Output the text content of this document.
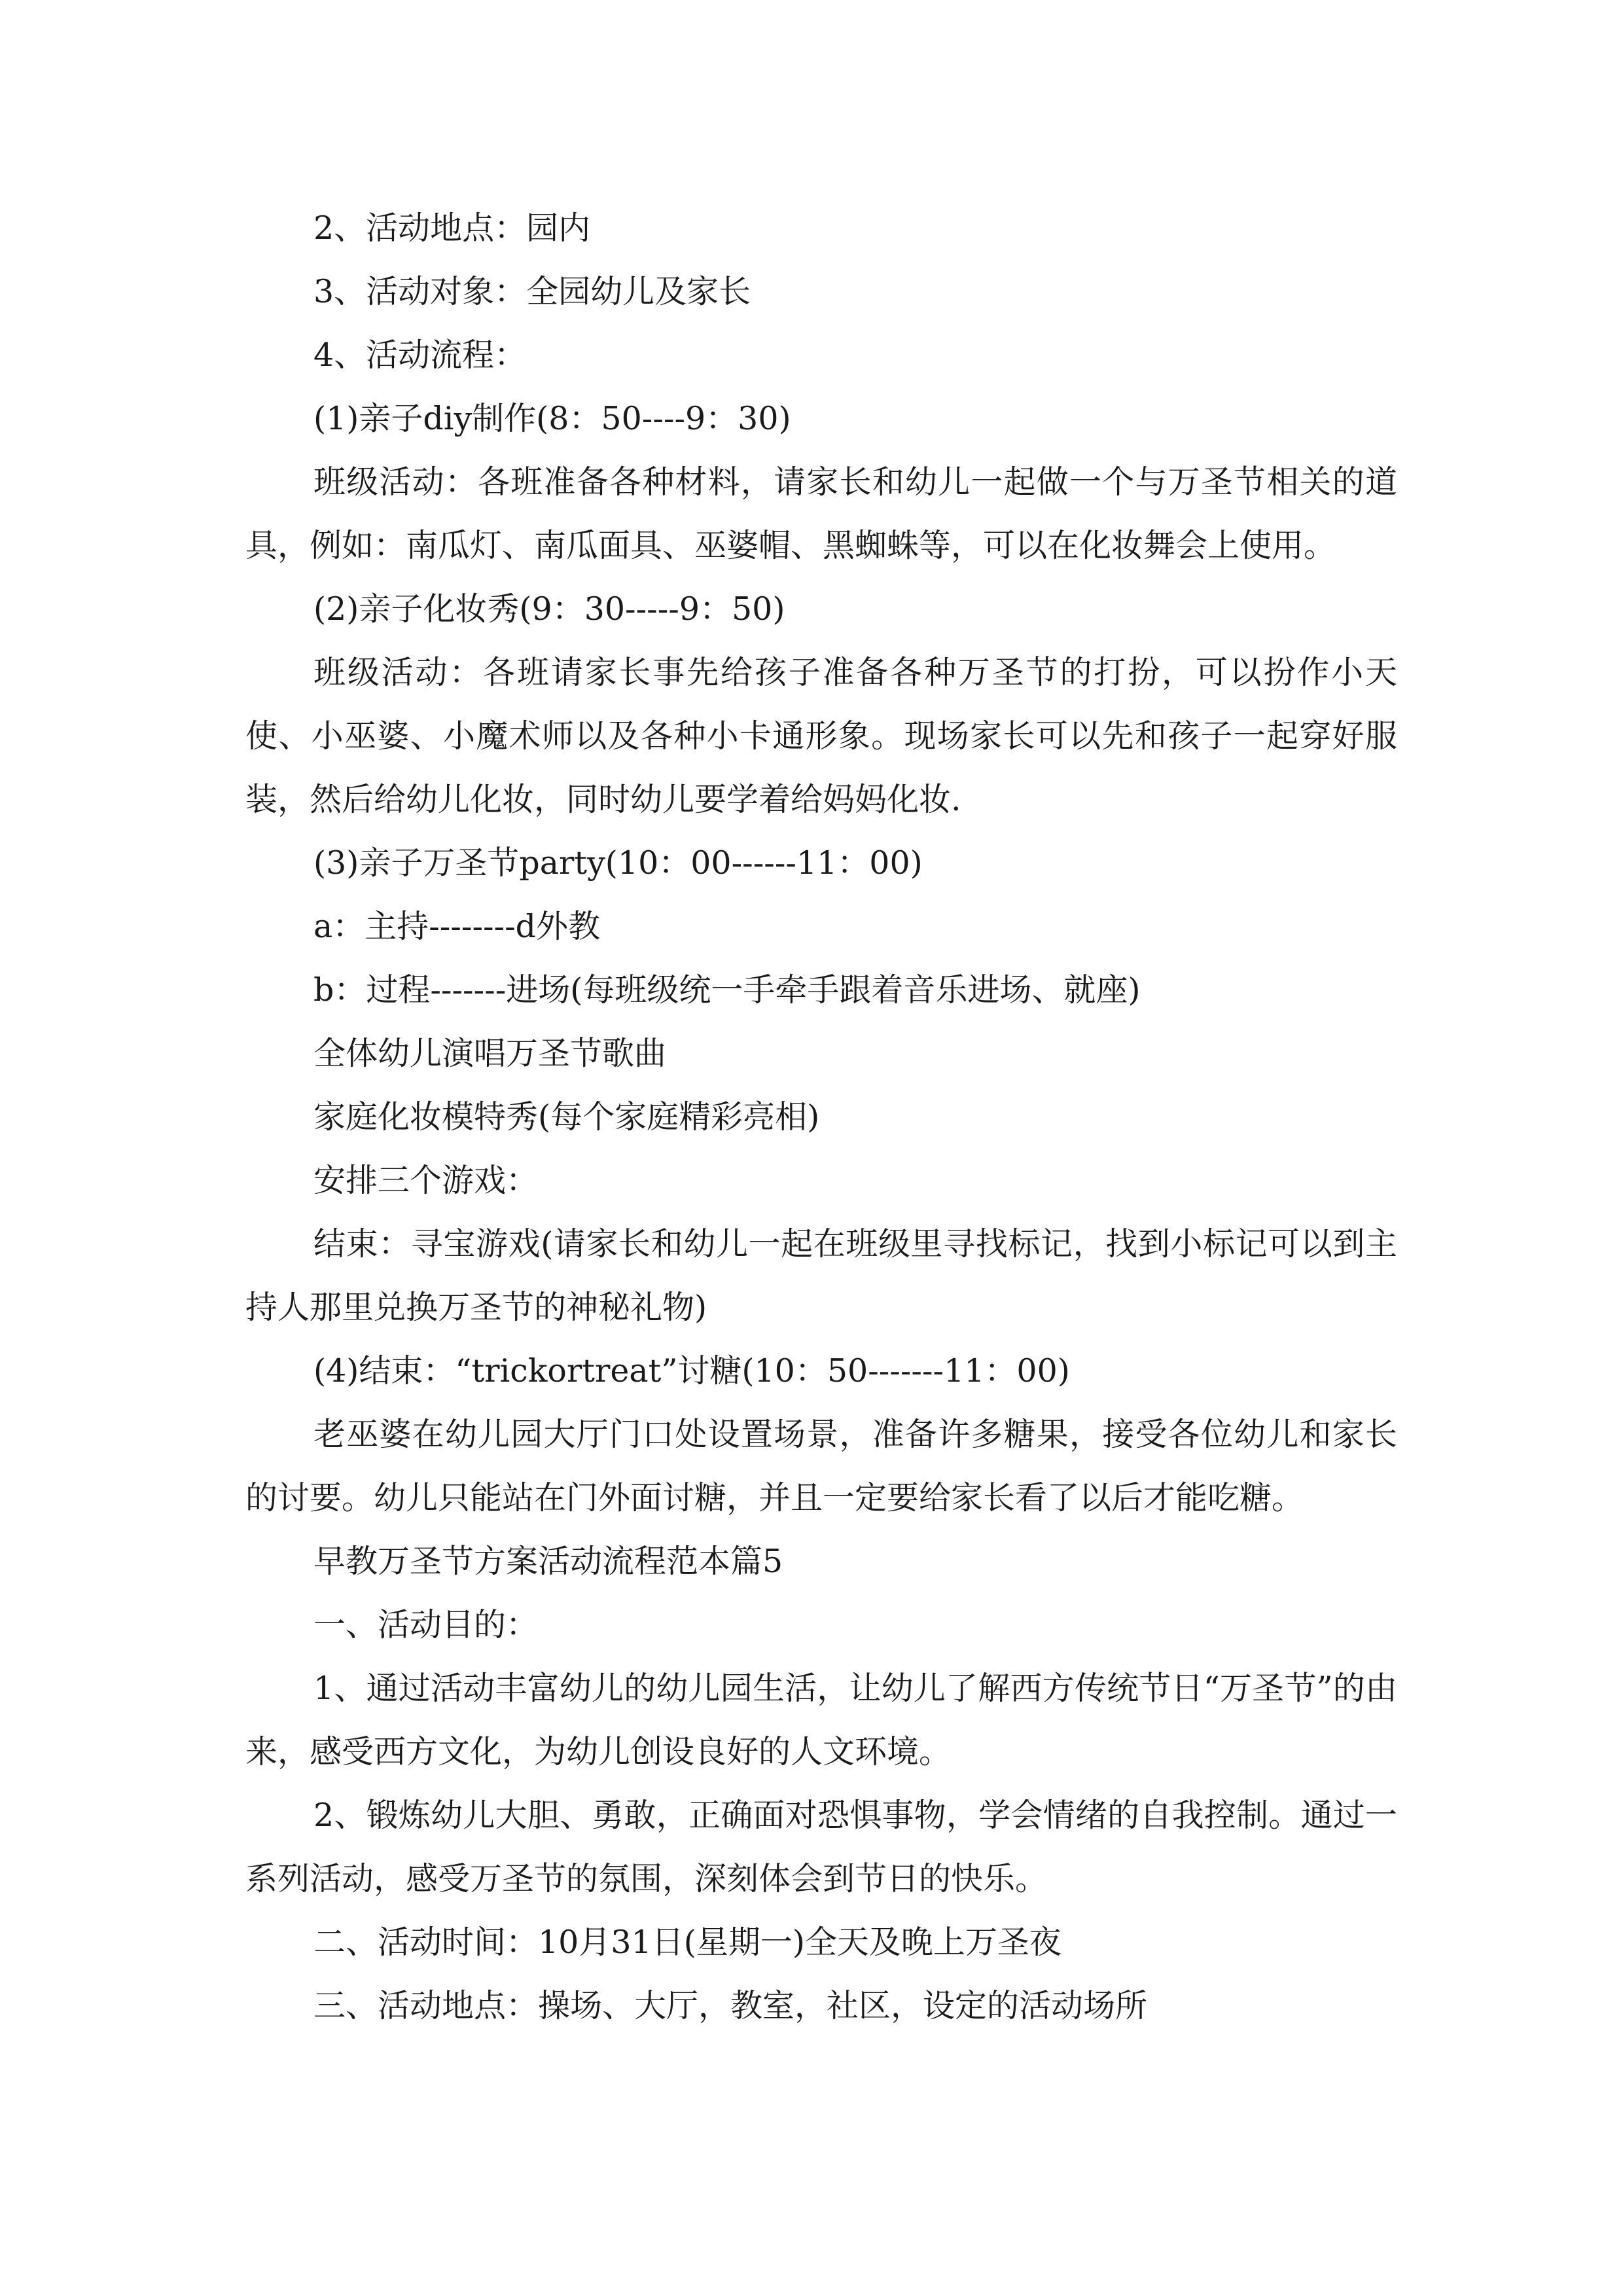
2、活动地点：园内

3、活动对象：全园幼儿及家长

4、活动流程：

(1)亲子diy制作(8：50----9：30)

班级活动：各班准备各种材料，请家长和幼儿一起做一个与万圣节相关的道具，例如：南瓜灯、南瓜面具、巫婆帽、黑蜘蛛等，可以在化妆舞会上使用。

(2)亲子化妆秀(9：30-----9：50)

班级活动：各班请家长事先给孩子准备各种万圣节的打扮，可以扮作小天使、小巫婆、小魔术师以及各种小卡通形象。现场家长可以先和孩子一起穿好服装，然后给幼儿化妆，同时幼儿要学着给妈妈化妆.

(3)亲子万圣节party(10：00------11：00)

a：主持--------d外教

b：过程-------进场(每班级统一手牵手跟着音乐进场、就座)

全体幼儿演唱万圣节歌曲

家庭化妆模特秀(每个家庭精彩亮相)

安排三个游戏：

结束：寻宝游戏(请家长和幼儿一起在班级里寻找标记，找到小标记可以到主持人那里兑换万圣节的神秘礼物)

(4)结束：“trickortreat”讨糖(10：50-------11：00)

老巫婆在幼儿园大厅门口处设置场景，准备许多糖果，接受各位幼儿和家长的讨要。幼儿只能站在门外面讨糖，并且一定要给家长看了以后才能吃糖。

早教万圣节方案活动流程范本篇5

一、活动目的：

1、通过活动丰富幼儿的幼儿园生活，让幼儿了解西方传统节日“万圣节”的由来，感受西方文化，为幼儿创设良好的人文环境。

2、锻炼幼儿大胆、勇敢，正确面对恐惧事物，学会情绪的自我控制。通过一系列活动，感受万圣节的氛围，深刻体会到节日的快乐。

二、活动时间：10月31日(星期一)全天及晚上万圣夜

三、活动地点：操场、大厅，教室，社区，设定的活动场所
